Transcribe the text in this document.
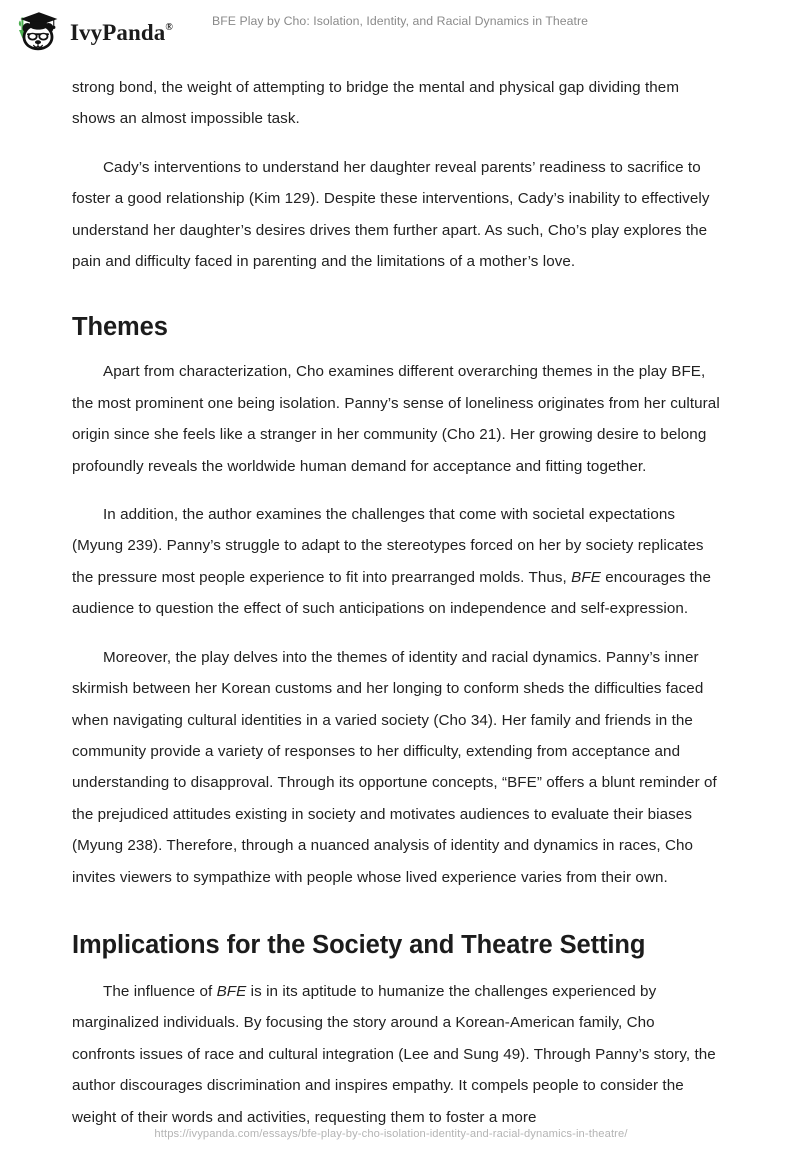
IvyPanda®	BFE Play by Cho: Isolation, Identity, and Racial Dynamics in Theatre

strong bond, the weight of attempting to bridge the mental and physical gap dividing them shows an almost impossible task.

Cady’s interventions to understand her daughter reveal parents’ readiness to sacrifice to foster a good relationship (Kim 129). Despite these interventions, Cady’s inability to effectively understand her daughter’s desires drives them further apart. As such, Cho’s play explores the pain and difficulty faced in parenting and the limitations of a mother’s love.

Themes

Apart from characterization, Cho examines different overarching themes in the play BFE, the most prominent one being isolation. Panny’s sense of loneliness originates from her cultural origin since she feels like a stranger in her community (Cho 21). Her growing desire to belong profoundly reveals the worldwide human demand for acceptance and fitting together.

In addition, the author examines the challenges that come with societal expectations (Myung 239). Panny’s struggle to adapt to the stereotypes forced on her by society replicates the pressure most people experience to fit into prearranged molds. Thus, BFE encourages the audience to question the effect of such anticipations on independence and self-expression.

Moreover, the play delves into the themes of identity and racial dynamics. Panny’s inner skirmish between her Korean customs and her longing to conform sheds the difficulties faced when navigating cultural identities in a varied society (Cho 34). Her family and friends in the community provide a variety of responses to her difficulty, extending from acceptance and understanding to disapproval. Through its opportune concepts, “BFE” offers a blunt reminder of the prejudiced attitudes existing in society and motivates audiences to evaluate their biases (Myung 238). Therefore, through a nuanced analysis of identity and dynamics in races, Cho invites viewers to sympathize with people whose lived experience varies from their own.

Implications for the Society and Theatre Setting

The influence of BFE is in its aptitude to humanize the challenges experienced by marginalized individuals. By focusing the story around a Korean-American family, Cho confronts issues of race and cultural integration (Lee and Sung 49). Through Panny’s story, the author discourages discrimination and inspires empathy. It compels people to consider the weight of their words and activities, requesting them to foster a more

https://ivypanda.com/essays/bfe-play-by-cho-isolation-identity-and-racial-dynamics-in-theatre/
